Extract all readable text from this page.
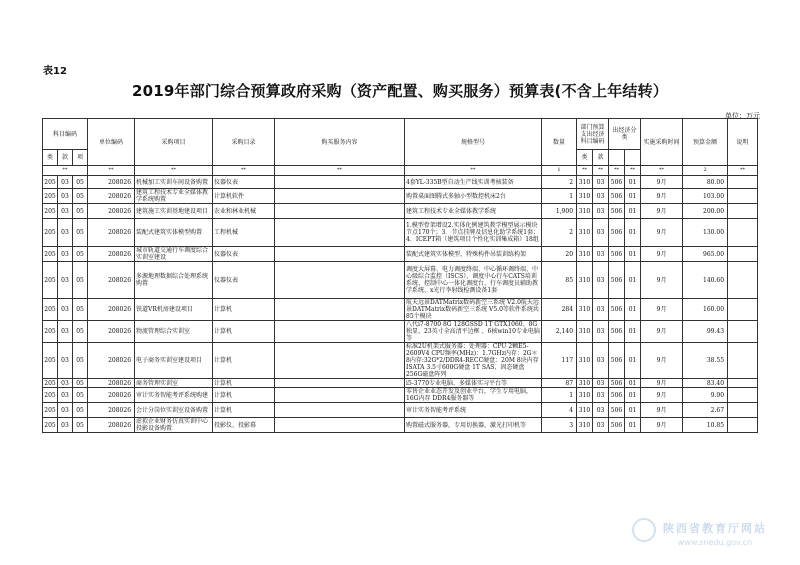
表12
2019年部门综合预算政府采购（资产配置、购买服务）预算表(不含上年结转）
单位：万元
科目编码			单位编码	采购项目	采购目录	购买服务内容	规格型号	数量	部门预算支出经济科目编码		出经济分类		实施采购时间	预算金额	说明
类	款	项							类	款					
**			**	**	**	**	**	1	**	**	**	**	**	2	**
205	03	05	208026	机械加工实训车间设备购置	仪器仪表		4套YL-335B型自动生产线实训考核装备	2	310	03	506	01	9月	80.00	
205	03	05	208026	建筑工程技术专业全媒体教学系统购置	计算机软件		购置桌面图腾式多轴小型数控机床2台	1	310	03	506	01	9月	103.00	
205	03	05	208026	建筑施工实训基地建设项目	农业和林业机械		建筑工程技术专业全媒体教学系统	1,900	310	03	506	01	9月	200.00	
205	03	05	208026	装配式建筑实体模型购置	工程机械		1.模型骨架增设2.实体化例建筑教学模型展示模块节点170个；3．节点挂牌及信息化助学系统1套；4．ICEPT箱（建筑项目个性化实训集成箱）18组	2	310	03	506	01	9月	130.00	
205	03	05	208026	城市轨道交通行车调度综合实训室建设	仪器仪表		装配式建筑实体模型、特殊构件吊装训练构架	20	310	03	506	01	9月	965.00	
205	03	05	208026	多源地理数据综合处理系统购置	仪器仪表		调度大屏幕、电力调度终端、中心循环调终端、中心级综合监控（ISCS）、调度中心行车CATS培训系统、控制中心一体化调度台、行车调度员辅助教学系统、x光行李射线检测设备1套	85	310	03	506	01	9月	140.60	
205	03	05	208026	铁道VR机房建设项目	计算机		航天远景DATMatrix数码新空三系统 V2.0航天远景DATMatrix数码新空三系统 V5.0等软件系统共85个模块	284	310	03	506	01	9月	160.00	
205	03	05	208026	物流管理综合实训室	计算机		八代i7-8700 8G 128GSSD 1T GTX1060、8G独显、23英寸全高清平边框 、6核win10专业电脑等	2,140	310	03	506	01	9月	99.43	
205	03	05	208026	电子商务实训室建设项目	计算机		标准2U机架式服务器；处理器：CPU 2颗E5-2609V4 CPU频率(MHz)：1.7GHz内存：2G＊8内存:32G*2/DDR4-RECC硬盘：20M 8块内存 ISATA 3.5寸600G硬盘 1T SAS、固态硬盘256G磁盘阵列	117	310	03	506	01	9月	38.55	
205	03	05	208026	商务管理实训室	计算机		i5-3770专业电脑、多媒体实习平台等	87	310	03	506	01	9月	83.40	
205	03	05	208026	审计实务智能考评系统购建	计算机		零售企业业态开发及创业平台，学生专用电脑，16G内存 DDR4服务器等	1	310	03	506	01	9月	9.90	
205	03	05	208026	会计分岗位实训室设备购置	计算机		审计实务智能考评系统	4	310	03	506	01	9月	2.67	
205	03	05	208026	虚拟企业财务仿真实训中心投影设备购置	投影仪、投影幕		购置磁式服务器，专用切换器，激光打印机等	3	310	03	506	01	9月	10.85	
陕西省教育厅网站
www.snedu.gov.cn
